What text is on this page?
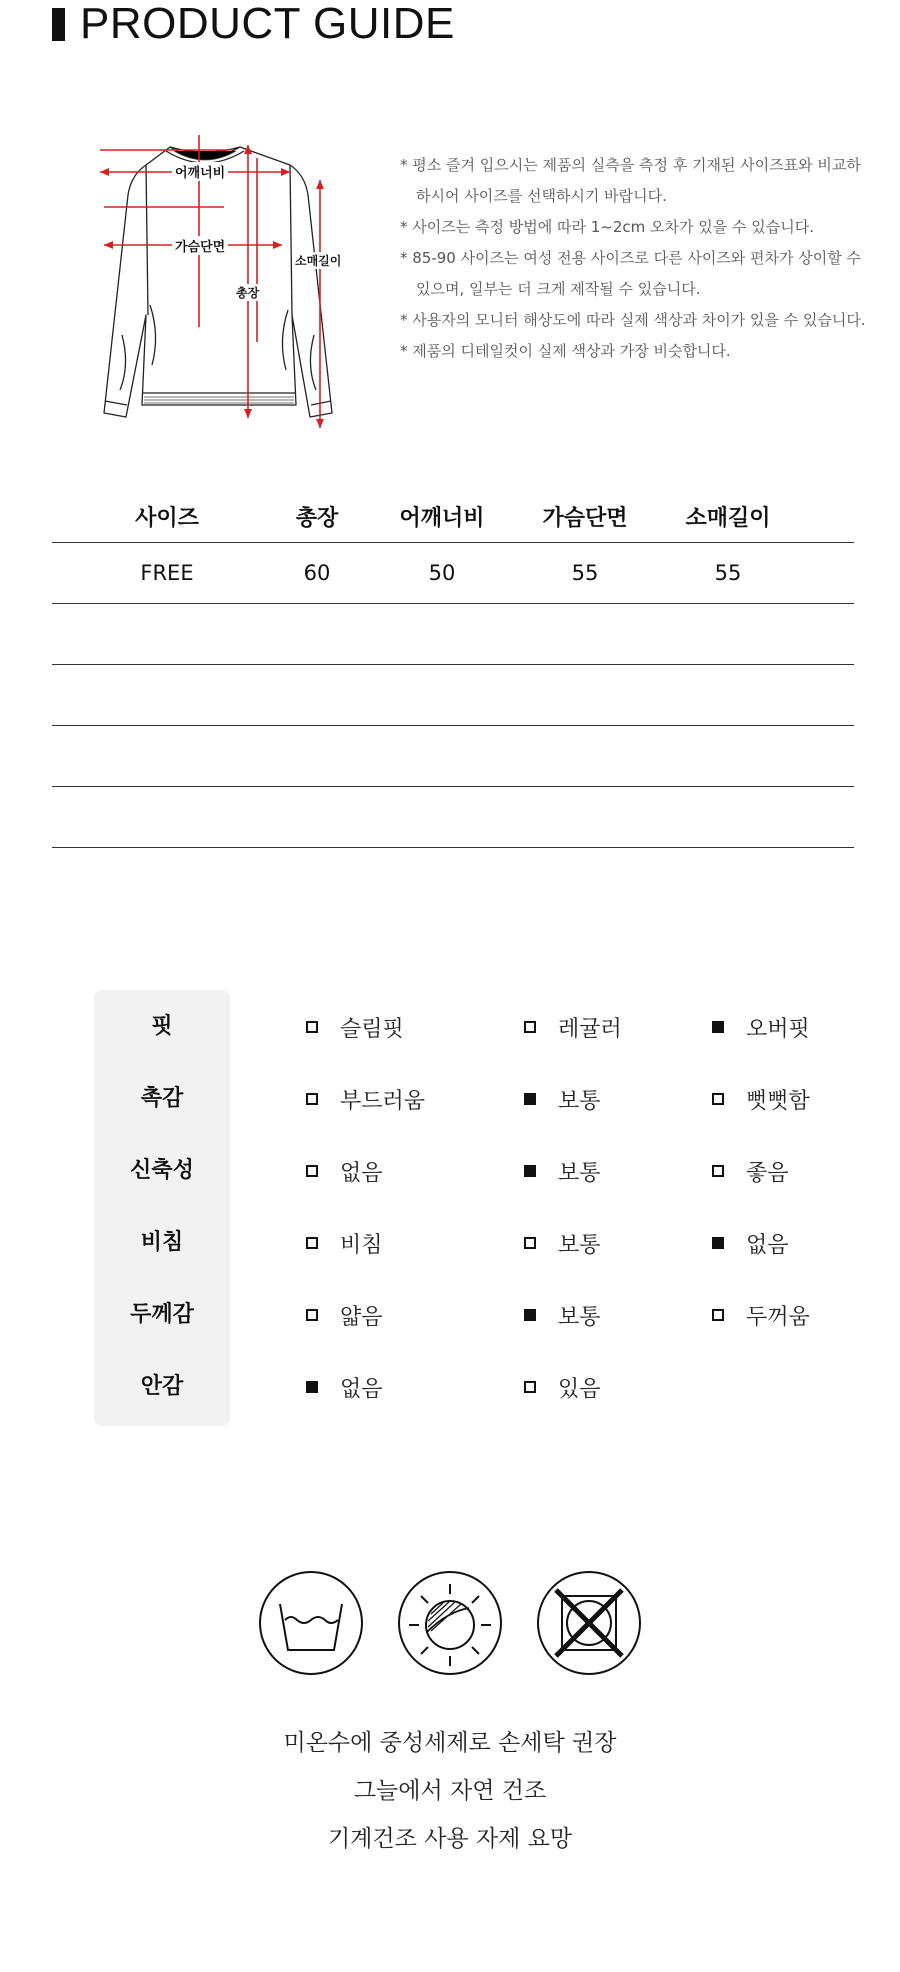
PRODUCT GUIDE
어깨너비
가슴단면
총장
소매길이
* 평소 즐겨 입으시는 제품의 실측을 측정 후 기재된 사이즈표와 비교하
하시어 사이즈를 선택하시기 바랍니다.
* 사이즈는 측정 방법에 따라 1~2cm 오차가 있을 수 있습니다.
* 85-90 사이즈는 여성 전용 사이즈로 다른 사이즈와 편차가 상이할 수
있으며, 일부는 더 크게 제작될 수 있습니다.
* 사용자의 모니터 해상도에 따라 실제 색상과 차이가 있을 수 있습니다.
* 제품의 디테일컷이 실제 색상과 가장 비슷합니다.
사이즈	총장	어깨너비	가슴단면	소매길이
FREE	60	50	55	55
핏	슬림핏	레귤러	오버핏
촉감	부드러움	보통	뻣뻣함
신축성	없음	보통	좋음
비침	비침	보통	없음
두께감	얇음	보통	두꺼움
안감	없음	있음
미온수에 중성세제로 손세탁 권장
그늘에서 자연 건조
기계건조 사용 자제 요망
